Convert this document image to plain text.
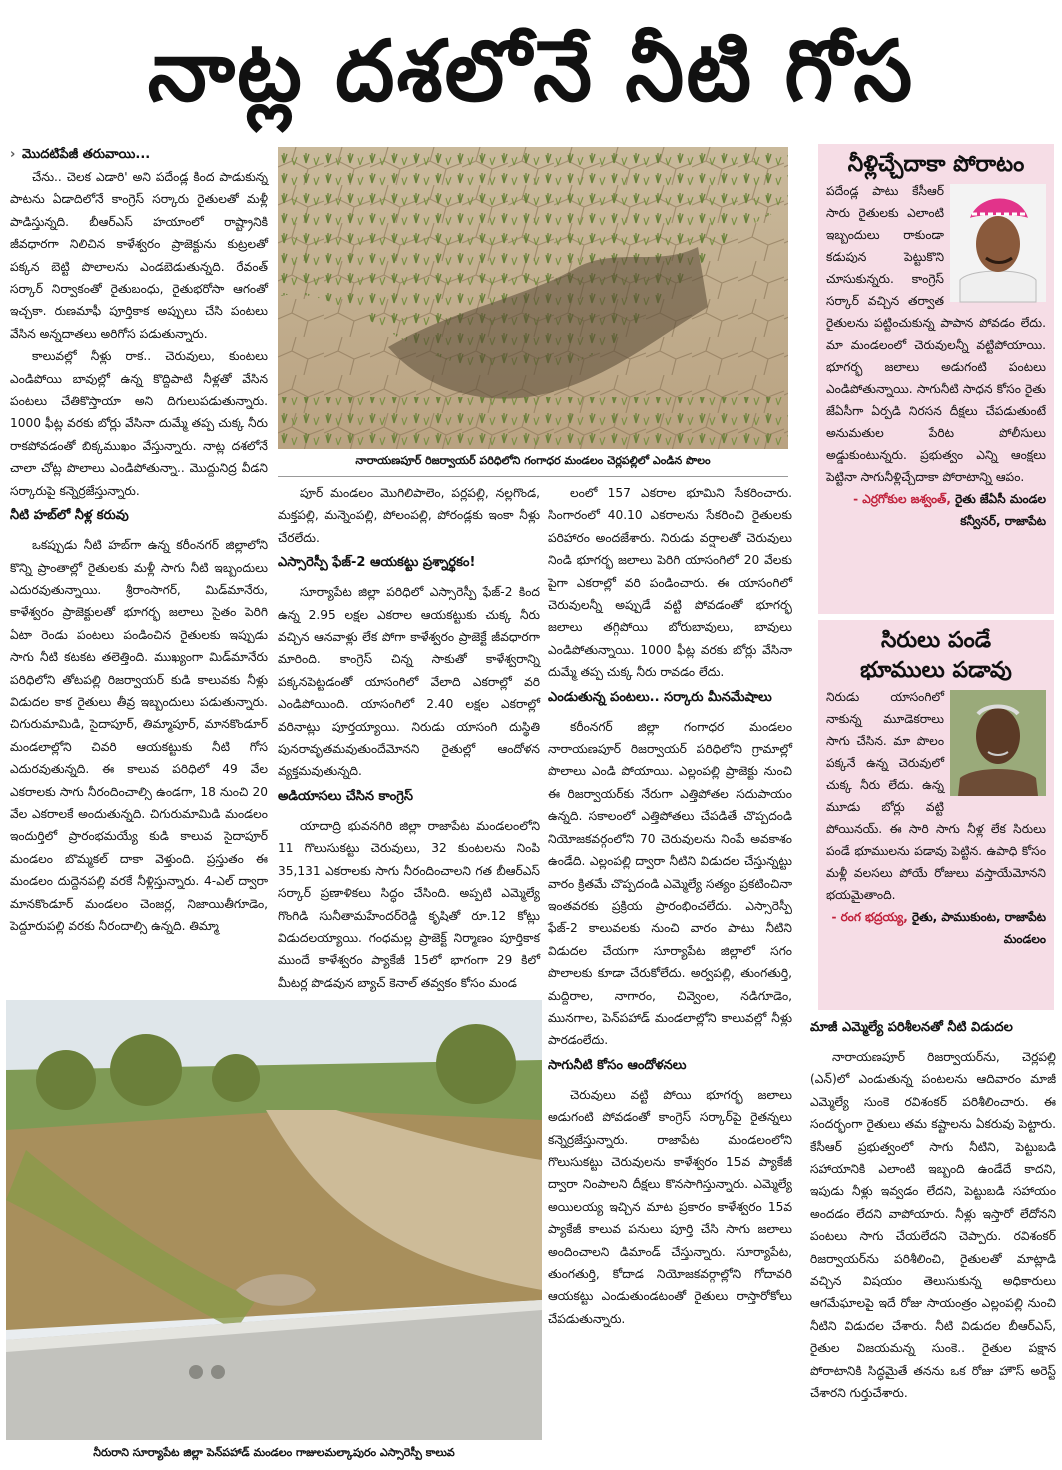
నాట్ల దశలోనే నీటి గోస
› మొదటిపేజీ తరువాయి...

చేను.. చెలక ఎడారి' అని పదేండ్ల కింద పాడుకున్న పాటను ఏడాదిలోనే కాంగ్రెస్‌ సర్కారు రైతులతో మళ్లీ పాడిస్తున్నది. బీఆర్‌ఎస్‌ హయాంలో రాష్ట్రానికి జీవధారగా నిలిచిన కాళేశ్వరం ప్రాజెక్టును కుట్రలతో పక్కన బెట్టి పొలాలను ఎండబెడుతున్నది. రేవంత్‌ సర్కార్‌ నిర్వాకంతో రైతుబంధు, రైతుభరోసా ఆగంతో ఇచ్చకా. రుణమాఫీ పూర్తికాక అప్పులు చేసి పంటలు వేసిన అన్నదాతలు అరిగోస పడుతున్నారు.

కాలువల్లో నీళ్లు రాక.. చెరువులు, కుంటలు ఎండిపోయి బావుల్లో ఉన్న కొద్దిపాటి నీళ్లతో వేసిన పంటలు చేతికొస్తాయా అని దిగులుపడుతున్నారు. 1000 ఫీట్ల వరకు బోర్లు వేసినా దుమ్మే తప్ప చుక్క నీరు రాకపోవడంతో బిక్కముఖం వేస్తున్నారు. నాట్ల దశలోనే చాలా చోట్ల పొలాలు ఎండిపోతున్నా.. మొద్దునిద్ర వీడని సర్కారుపై కన్నెర్రజేస్తున్నారు.

నీటి హబ్‌లో నీళ్ల కరువు

ఒకప్పుడు నీటి హబ్‌గా ఉన్న కరీంనగర్‌ జిల్లాలోని కొన్ని ప్రాంతాల్లో రైతులకు మళ్లీ సాగు నీటి ఇబ్బందులు ఎదురవుతున్నాయి. శ్రీరాంసాగర్‌, మిడ్‌మానేరు, కాళేశ్వరం ప్రాజెక్టులతో భూగర్భ జలాలు సైతం పెరిగి ఏటా రెండు పంటలు పండించిన రైతులకు ఇప్పుడు సాగు నీటి కటకట తలెత్తింది. ముఖ్యంగా మిడ్‌మానేరు పరిధిలోని తోటపల్లి రిజర్వాయర్‌ కుడి కాలువకు నీళ్లు విడుదల కాక రైతులు తీవ్ర ఇబ్బందులు పడుతున్నారు. చిగురుమామిడి, సైదాపూర్‌, తిమ్మాపూర్‌, మానకొండూర్‌ మండలాల్లోని చివరి ఆయకట్టుకు నీటి గోస ఎదురవుతున్నది. ఈ కాలువ పరిధిలో 49 వేల ఎకరాలకు సాగు నీరందించాల్సి ఉండగా, 18 నుంచి 20 వేల ఎకరాలకే అందుతున్నది. చిగురుమామిడి మండలం ఇందుర్తిలో ప్రారంభమయ్యే కుడి కాలువ సైదాపూర్‌ మండలం బొమ్మకల్‌ దాకా వెళ్తుంది. ప్రస్తుతం ఈ మండలం దుద్దెనపల్లి వరకే నీళ్లిస్తున్నారు. 4-ఎల్‌ ద్వారా మానకొండూర్‌ మండలం చెంజర్ల, నిజాయితీగూడెం, పెద్దూరుపల్లి వరకు నీరందాల్సి ఉన్నది. తిమ్మా

నారాయణపూర్‌ రిజర్వాయర్‌ పరిధిలోని గంగాధర మండలం చెర్లపల్లిలో ఎండిన పొలం

పూర్‌ మండలం మొగిలిపాలెం, పర్లపల్లి, నల్లగొండ, మక్తపల్లి, మన్నెంపల్లి, పోలంపల్లి, పోరండ్లకు ఇంకా నీళ్లు చేరలేదు.

ఎస్సారెస్పీ ఫేజ్‌-2 ఆయకట్టు ప్రశ్నార్థకం!

సూర్యాపేట జిల్లా పరిధిలో ఎస్సారెస్పీ ఫేజ్‌-2 కింద ఉన్న 2.95 లక్షల ఎకరాల ఆయకట్టుకు చుక్క నీరు వచ్చిన ఆనవాళ్లు లేక పోగా కాళేశ్వరం ప్రాజెక్టే జీవధారగా మారింది. కాంగ్రెస్‌ చిన్న సాకుతో కాళేశ్వరాన్ని పక్కనపెట్టడంతో యాసంగిలో వేలాది ఎకరాల్లో వరి ఎండిపోయింది. యాసంగిలో 2.40 లక్షల ఎకరాల్లో వరినాట్లు పూర్తయ్యాయి. నిరుడు యాసంగి దుస్థితి పునరావృతమవుతుందేమోనని రైతుల్లో ఆందోళన వ్యక్తమవుతున్నది.

అడియాసలు చేసిన కాంగ్రెస్‌

యాదాద్రి భువనగిరి జిల్లా రాజాపేట మండలంలోని 11 గొలుసుకట్టు చెరువులు, 32 కుంటలను నింపి 35,131 ఎకరాలకు సాగు నీరందించాలని గత బీఆర్‌ఎస్‌ సర్కార్‌ ప్రణాళికలు సిద్ధం చేసింది. అప్పటి ఎమ్మెల్యే గొంగిడి సునీతామహేందర్‌రెడ్డి కృషితో రూ.12 కోట్లు విడుదలయ్యాయి. గంధమల్ల ప్రాజెక్ట్‌ నిర్మాణం పూర్తికాక ముందే కాళేశ్వరం ప్యాకేజీ 15లో భాగంగా 29 కిలో మీటర్ల పొడవున బ్యాచ్‌ కెనాల్‌ తవ్వకం కోసం మండ

లంలో 157 ఎకరాల భూమిని సేకరించారు. సింగారంలో 40.10 ఎకరాలను సేకరించి రైతులకు పరిహారం అందజేశారు. నిరుడు వర్షాలతో చెరువులు నిండి భూగర్భ జలాలు పెరిగి యాసంగిలో 20 వేలకు పైగా ఎకరాల్లో వరి పండించారు. ఈ యాసంగిలో చెరువులన్నీ అప్పుడే వట్టి పోవడంతో భూగర్భ జలాలు తగ్గిపోయి బోరుబావులు, బావులు ఎండిపోతున్నాయి. 1000 ఫీట్ల వరకు బోర్లు వేసినా దుమ్మే తప్ప చుక్క నీరు రావడం లేదు.

ఎండుతున్న పంటలు.. సర్కారు మీనమేషాలు

కరీంనగర్‌ జిల్లా గంగాధర మండలం నారాయణపూర్‌ రిజర్వాయర్‌ పరిధిలోని గ్రామాల్లో పొలాలు ఎండి పోయాయి. ఎల్లంపల్లి ప్రాజెక్టు నుంచి ఈ రిజర్వాయర్‌కు నేరుగా ఎత్తిపోతల సదుపాయం ఉన్నది. సకాలంలో ఎత్తిపోతలు చేపడితే చొప్పదండి నియోజకవర్గంలోని 70 చెరువులను నింపే అవకాశం ఉండేది. ఎల్లంపల్లి ద్వారా నీటిని విడుదల చేస్తున్నట్టు వారం క్రితమే చొప్పదండి ఎమ్మెల్యే సత్యం ప్రకటించినా ఇంతవరకు ప్రక్రియ ప్రారంభించలేదు. ఎస్సారెస్పీ ఫేజ్‌-2 కాలువలకు నుంచి వారం పాటు నీటిని విడుదల చేయగా సూర్యాపేట జిల్లాలో సగం పొలాలకు కూడా చేరుకోలేదు. అర్వపల్లి, తుంగతుర్తి, మద్దిరాల, నాగారం, చివ్వెంల, నడిగూడెం, మునగాల, పెన్‌పహాడ్‌ మండలాల్లోని కాలువల్లో నీళ్లు పారడంలేదు.

సాగునీటి కోసం ఆందోళనలు

చెరువులు వట్టి పోయి భూగర్భ జలాలు అడుగంటి పోవడంతో కాంగ్రెస్‌ సర్కార్‌పై రైతన్నలు కన్నెర్రజేస్తున్నారు. రాజాపేట మండలంలోని గొలుసుకట్టు చెరువులను కాళేశ్వరం 15వ ప్యాకేజీ ద్వారా నింపాలని దీక్షలు కొనసాగిస్తున్నారు. ఎమ్మెల్యే అయిలయ్య ఇచ్చిన మాట ప్రకారం కాళేశ్వరం 15వ ప్యాకేజీ కాలువ పనులు పూర్తి చేసి సాగు జలాలు అందించాలని డిమాండ్‌ చేస్తున్నారు. సూర్యాపేట, తుంగతుర్తి, కోదాడ నియోజకవర్గాల్లోని గోదావరి ఆయకట్టు ఎండుతుండటంతో రైతులు రాస్తారోకోలు చేపడుతున్నారు.

నీరురాని సూర్యాపేట జిల్లా పెన్‌పహాడ్‌ మండలం గాజులమల్కాపురం ఎస్సారెస్పీ కాలువ
నీళ్లిచ్చేదాకా పోరాటం

పదేండ్ల పాటు కేసీఆర్‌ సారు రైతులకు ఎలాంటి ఇబ్బందులు రాకుండా కడుపున పెట్టుకొని చూసుకున్నరు. కాంగ్రెస్‌ సర్కార్‌ వచ్చిన తర్వాత రైతులను పట్టించుకున్న పాపాన పోవడం లేదు. మా మండలంలో చెరువులన్నీ వట్టిపోయాయి. భూగర్భ జలాలు అడుగంటి పంటలు ఎండిపోతున్నాయి. సాగునీటి సాధన కోసం రైతు జేఏసీగా ఏర్పడి నిరసన దీక్షలు చేపడుతుంటే అనుమతుల పేరిట పోలీసులు అడ్డుకుంటున్నరు. ప్రభుత్వం ఎన్ని ఆంక్షలు పెట్టినా సాగునీళ్లిచ్చేదాకా పోరాటాన్ని ఆపం.

- ఎర్రగోకుల జశ్వంత్‌, రైతు జేఏసీ మండల కన్వీనర్‌, రాజాపేట

సిరులు పండే
భూములు పడావు

నిరుడు యాసంగిలో నాకున్న మూడెకరాలు సాగు చేసిన. మా పొలం పక్కనే ఉన్న చెరువులో చుక్క నీరు లేదు. ఉన్న మూడు బోర్లు వట్టి పోయినయ్‌. ఈ సారి సాగు నీళ్ల లేక సిరులు పండే భూములను పడావు పెట్టిన. ఉపాధి కోసం మళ్లీ వలసలు పోయే రోజులు వస్తాయేమోనని భయమైతాంది.

- రంగ భద్రయ్య, రైతు, పాముకుంట, రాజాపేట మండలం

మాజీ ఎమ్మెల్యే పరిశీలనతో నీటి విడుదల

నారాయణపూర్‌ రిజర్వాయర్‌ను, చెర్లపల్లి (ఎన్‌)లో ఎండుతున్న పంటలను ఆదివారం మాజీ ఎమ్మెల్యే సుంకె రవిశంకర్‌ పరిశీలించారు. ఈ సందర్భంగా రైతులు తమ కష్టాలను ఏకరువు పెట్టారు. కేసీఆర్‌ ప్రభుత్వంలో సాగు నీటిని, పెట్టుబడి సహాయానికి ఎలాంటి ఇబ్బంది ఉండేదే కాదని, ఇపుడు నీళ్లు ఇవ్వడం లేదని, పెట్టుబడి సహాయం అందడం లేదని వాపోయారు. నీళ్లు ఇస్తారో లేదోనని పంటలు సాగు చేయలేదని చెప్పారు. రవిశంకర్‌ రిజర్వాయర్‌ను పరిశీలించి, రైతులతో మాట్లాడి వచ్చిన విషయం తెలుసుకున్న అధికారులు ఆగమేఘాలపై ఇదే రోజు సాయంత్రం ఎల్లంపల్లి నుంచి నీటిని విడుదల చేశారు. నీటి విడుదల బీఆర్‌ఎస్‌, రైతుల విజయమన్న సుంకె.. రైతుల పక్షాన పోరాటానికి సిద్ధమైతే తనను ఒక రోజు హౌస్‌ అరెస్ట్‌ చేశారని గుర్తుచేశారు.
